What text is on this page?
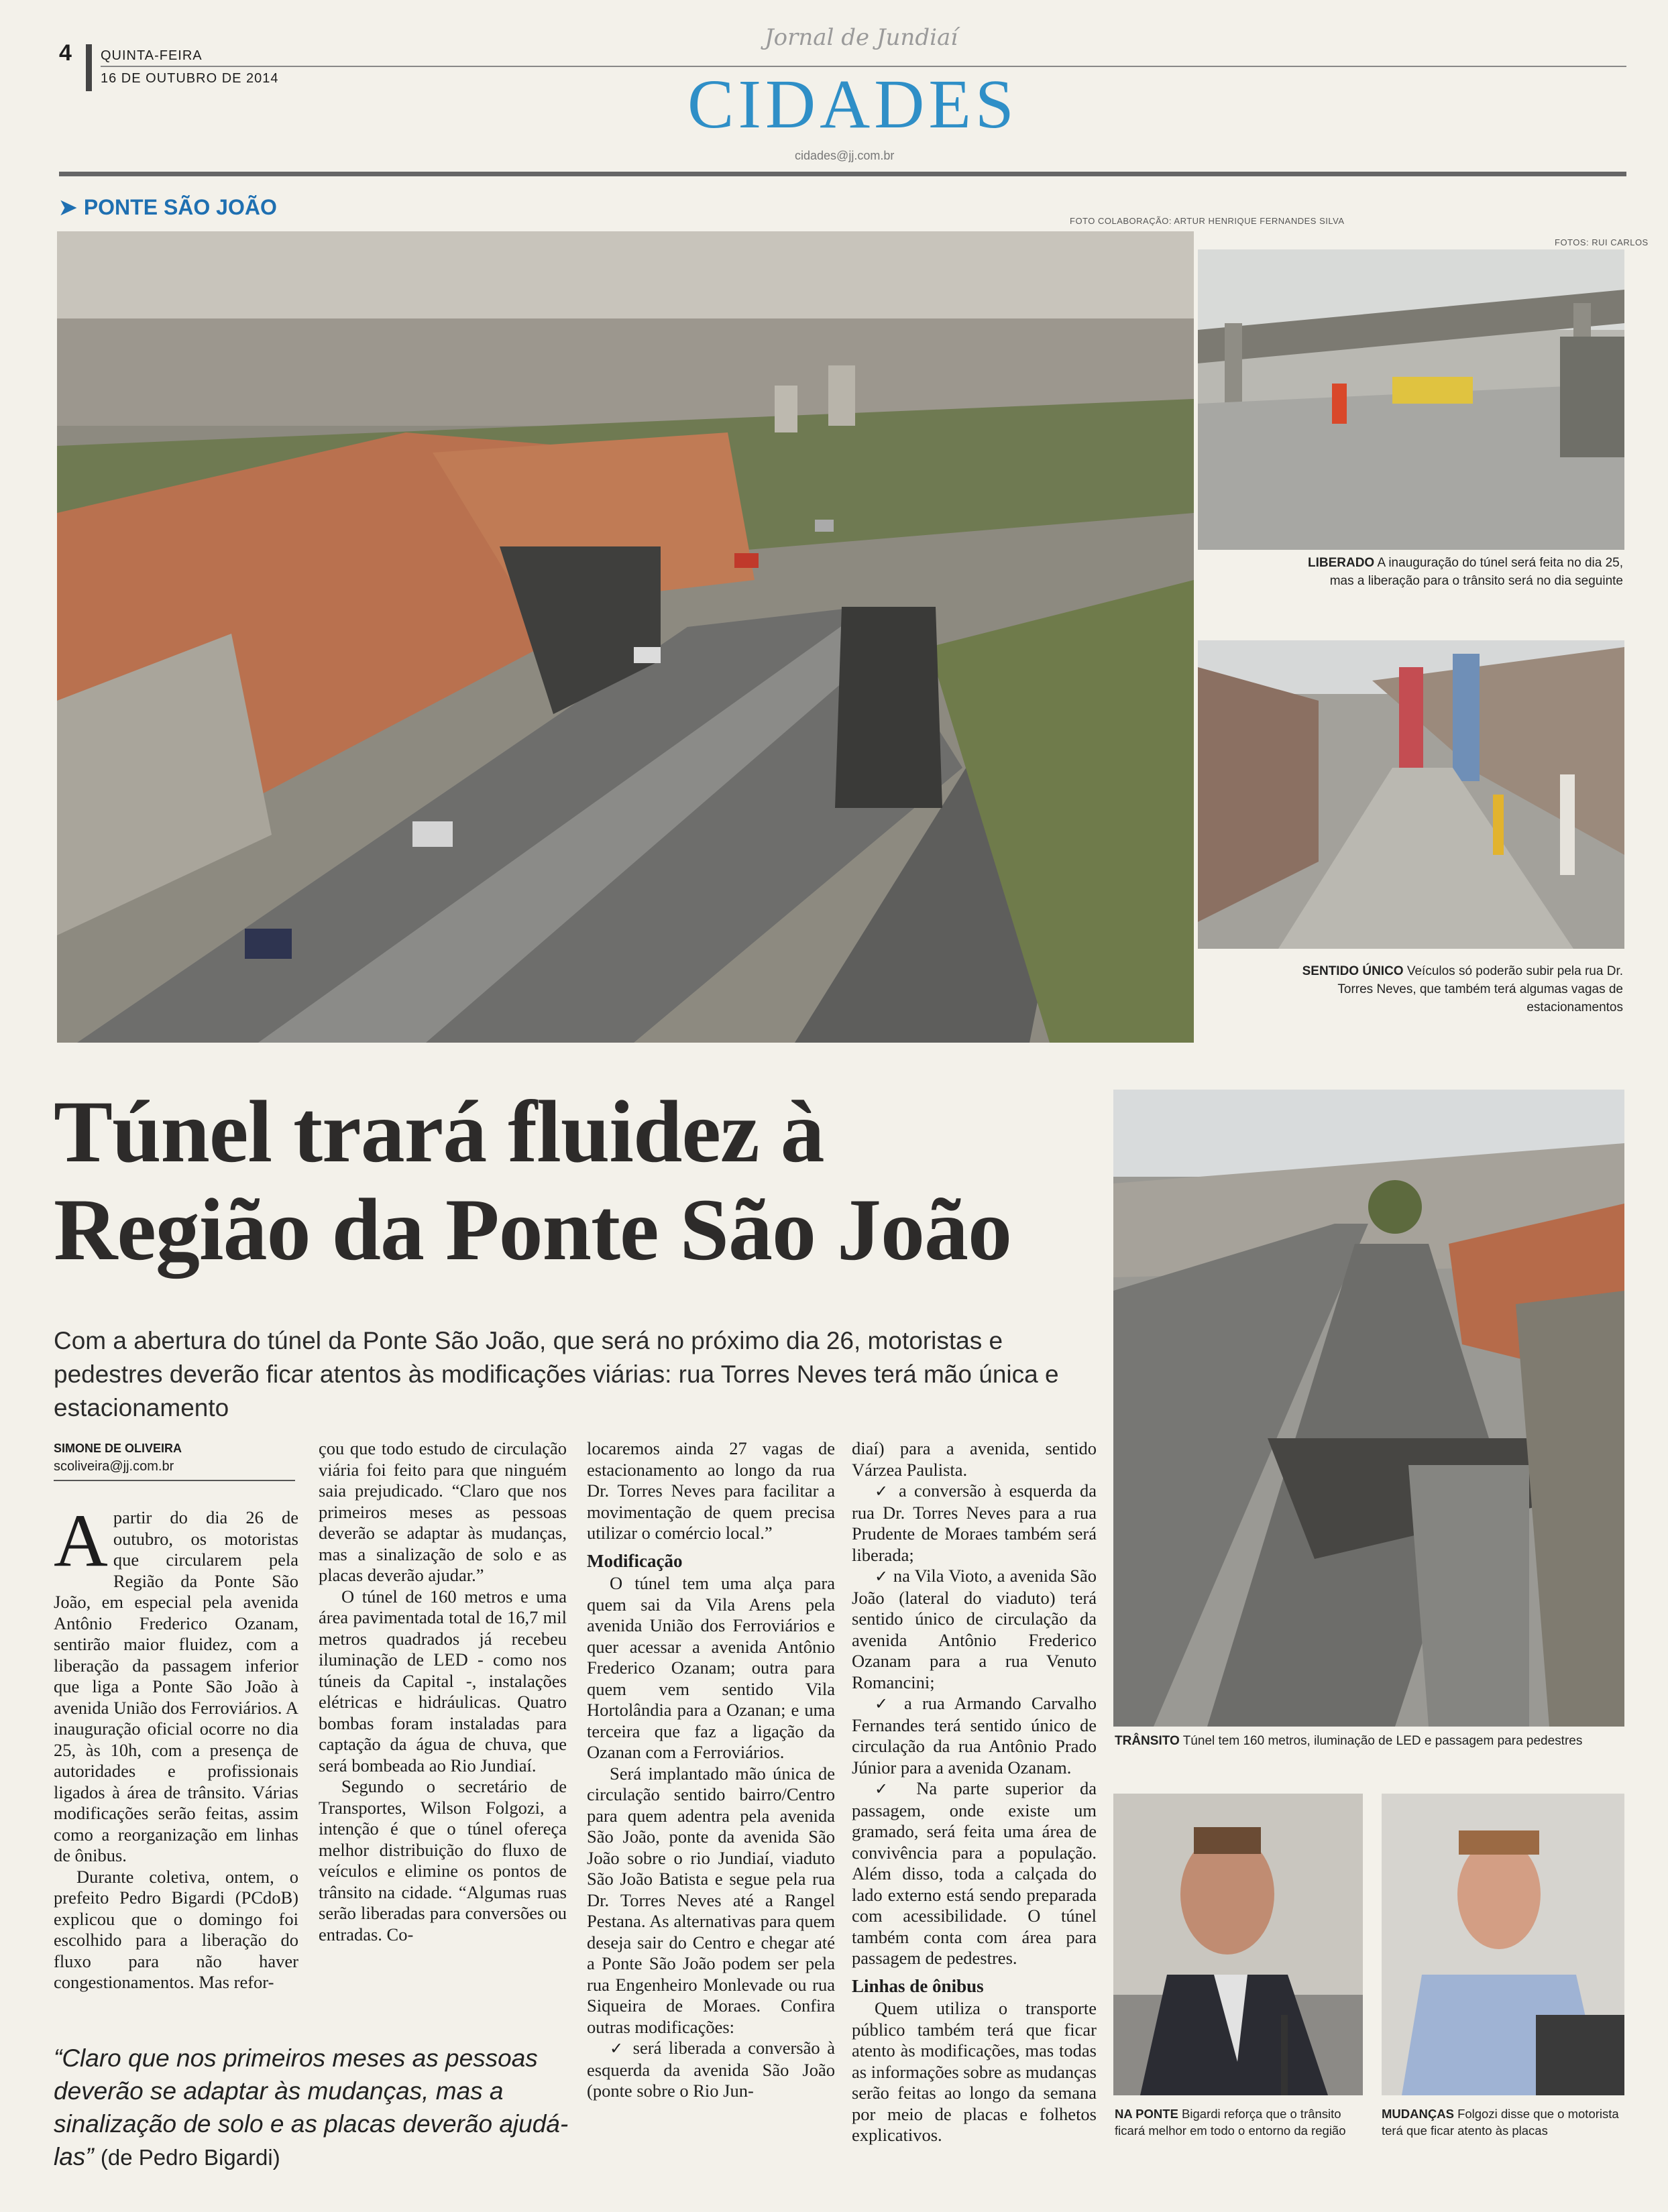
4 QUINTA-FEIRA
16 DE OUTUBRO DE 2014
Jornal de Jundiaí
CIDADES
cidades@jj.com.br
➤ PONTE SÃO JOÃO
FOTO COLABORAÇÃO: ARTUR HENRIQUE FERNANDES SILVA
FOTOS: RUI CARLOS
LIBERADO A inauguração do túnel será feita no dia 25, mas a liberação para o trânsito será no dia seguinte
SENTIDO ÚNICO Veículos só poderão subir pela rua Dr. Torres Neves, que também terá algumas vagas de estacionamentos
TRÂNSITO Túnel tem 160 metros, iluminação de LED e passagem para pedestres
NA PONTE Bigardi reforça que o trânsito ficará melhor em todo o entorno da região
MUDANÇAS Folgozi disse que o motorista terá que ficar atento às placas
Túnel trará fluidez à
Região da Ponte São João
Com a abertura do túnel da Ponte São João, que será no próximo dia 26, motoristas e pedestres deverão ficar atentos às modificações viárias: rua Torres Neves terá mão única e estacionamento
SIMONE DE OLIVEIRA
scoliveira@jj.com.br

Apartir do dia 26 de outubro, os motoristas que circularem pela Região da Ponte São João, em especial pela avenida Antônio Frederico Ozanam, sentirão maior fluidez, com a liberação da passagem inferior que liga a Ponte São João à avenida União dos Ferroviários. A inauguração oficial ocorre no dia 25, às 10h, com a presença de autoridades e profissionais ligados à área de trânsito. Várias modificações serão feitas, assim como a reorganização em linhas de ônibus.

Durante coletiva, ontem, o prefeito Pedro Bigardi (PCdoB) explicou que o domingo foi escolhido para a liberação do fluxo para não haver congestionamentos. Mas refor-

çou que todo estudo de circulação viária foi feito para que ninguém saia prejudicado. “Claro que nos primeiros meses as pessoas deverão se adaptar às mudanças, mas a sinalização de solo e as placas deverão ajudar.”

O túnel de 160 metros e uma área pavimentada total de 16,7 mil metros quadrados já recebeu iluminação de LED - como nos túneis da Capital -, instalações elétricas e hidráulicas. Quatro bombas foram instaladas para captação da água de chuva, que será bombeada ao Rio Jundiaí.

Segundo o secretário de Transportes, Wilson Folgozi, a intenção é que o túnel ofereça melhor distribuição do fluxo de veículos e elimine os pontos de trânsito na cidade. “Algumas ruas serão liberadas para conversões ou entradas. Co-

“Claro que nos primeiros meses as pessoas deverão se adaptar às mudanças, mas a sinalização de solo e as placas deverão ajudá-las” (de Pedro Bigardi)

locaremos ainda 27 vagas de estacionamento ao longo da rua Dr. Torres Neves para facilitar a movimentação de quem precisa utilizar o comércio local.”

Modificação

O túnel tem uma alça para quem sai da Vila Arens pela avenida União dos Ferroviários e quer acessar a avenida Antônio Frederico Ozanam; outra para quem vem sentido Vila Hortolândia para a Ozanan; e uma terceira que faz a ligação da Ozanan com a Ferroviários.

Será implantado mão única de circulação sentido bairro/Centro para quem adentra pela avenida São João, ponte da avenida São João sobre o rio Jundiaí, viaduto São João Batista e segue pela rua Dr. Torres Neves até a Rangel Pestana. As alternativas para quem deseja sair do Centro e chegar até a Ponte São João podem ser pela rua Engenheiro Monlevade ou rua Siqueira de Moraes. Confira outras modificações:

✓ será liberada a conversão à esquerda da avenida São João (ponte sobre o Rio Jun-

diaí) para a avenida, sentido Várzea Paulista.

✓ a conversão à esquerda da rua Dr. Torres Neves para a rua Prudente de Moraes também será liberada;

✓ na Vila Vioto, a avenida São João (lateral do viaduto) terá sentido único de circulação da avenida Antônio Frederico Ozanam para a rua Venuto Romancini;

✓ a rua Armando Carvalho Fernandes terá sentido único de circulação da rua Antônio Prado Júnior para a avenida Ozanam.

✓ Na parte superior da passagem, onde existe um gramado, será feita uma área de convivência para a população. Além disso, toda a calçada do lado externo está sendo preparada com acessibilidade. O túnel também conta com área para passagem de pedestres.

Linhas de ônibus

Quem utiliza o transporte público também terá que ficar atento às modificações, mas todas as informações sobre as mudanças serão feitas ao longo da semana por meio de placas e folhetos explicativos.
